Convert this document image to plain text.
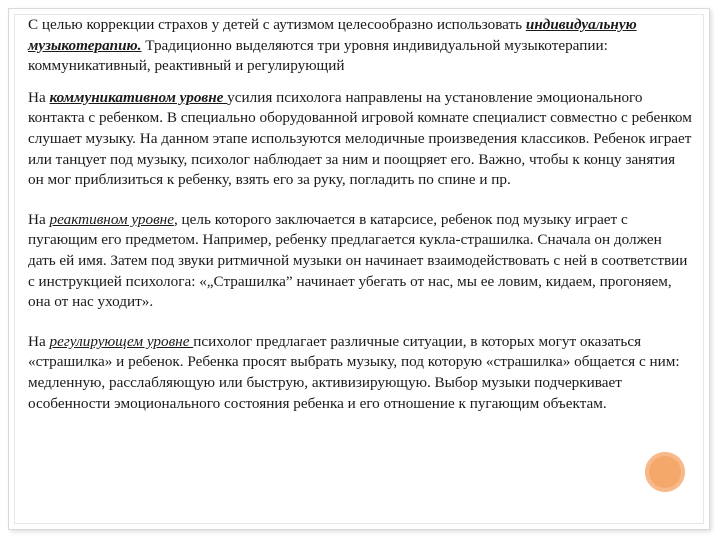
С целью коррекции страхов у детей с аутизмом целесообразно использовать индивидуальную музыкотерапию. Традиционно выделяются три уровня индивидуальной музыкотерапии: коммуникативный, реактивный и регулирующий

На коммуникативном уровне усилия психолога направлены на установление эмоционального контакта с ребенком. В специально оборудованной игровой комнате специалист совместно с ребенком слушает музыку. На данном этапе используются мелодичные произведения классиков. Ребенок играет или танцует под музыку, психолог наблюдает за ним и поощряет его. Важно, чтобы к концу занятия он мог приблизиться к ребенку, взять его за руку, погладить по спине и пр.

На реактивном уровне, цель которого заключается в катарсисе, ребенок под музыку играет с пугающим его предметом. Например, ребенку предлагается кукла-страшилка. Сначала он должен дать ей имя. Затем под звуки ритмичной музыки он начинает взаимодействовать с ней в соответствии с инструкцией психолога: «„Страшилка” начинает убегать от нас, мы ее ловим, кидаем, прогоняем, она от нас уходит».

На регулирующем уровне психолог предлагает различные ситуации, в которых могут оказаться «страшилка» и ребенок. Ребенка просят выбрать музыку, под которую «страшилка» общается с ним: медленную, расслабляющую или быструю, активизирующую. Выбор музыки подчеркивает особенности эмоционального состояния ребенка и его отношение к пугающим объектам.
